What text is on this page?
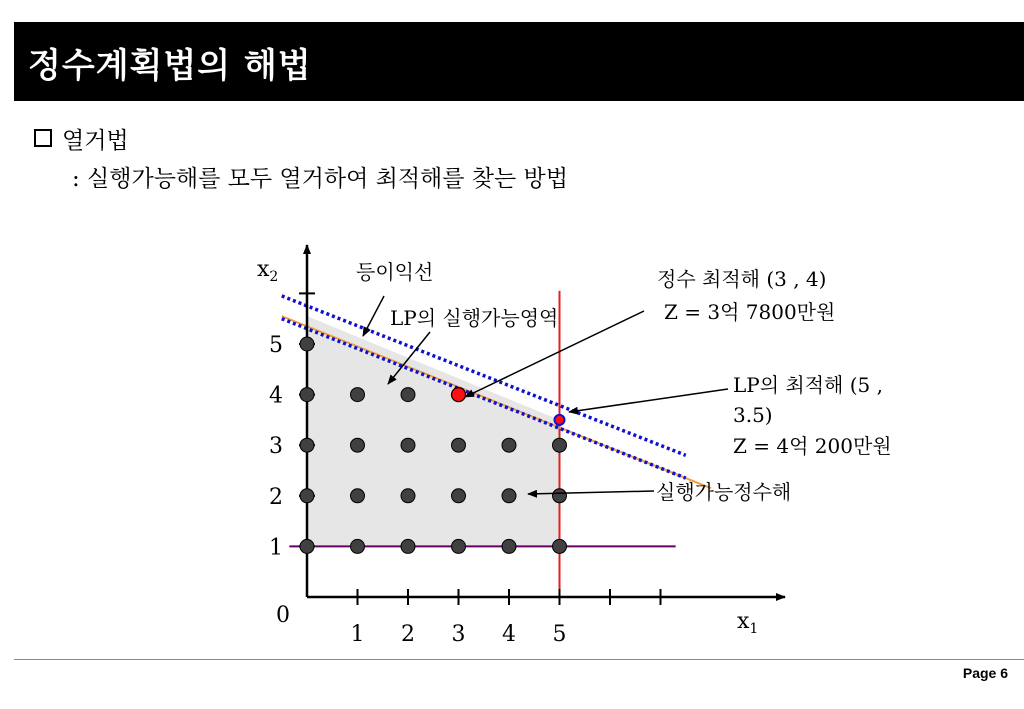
정수계획법의 해법
열거법
: 실행가능해를 모두 열거하여 최적해를 찾는 방법
1 2 3 4 5
1
2
3
4
5
0	$x_1$
$x_2$	등이익선
LP의 실행가능영역
정수 최적해 (3 , 4)
Z = 3억 7800만원
LP의 최적해 (5 ,
3.5)
Z = 4억 200만원
실행가능정수해
Page 6
